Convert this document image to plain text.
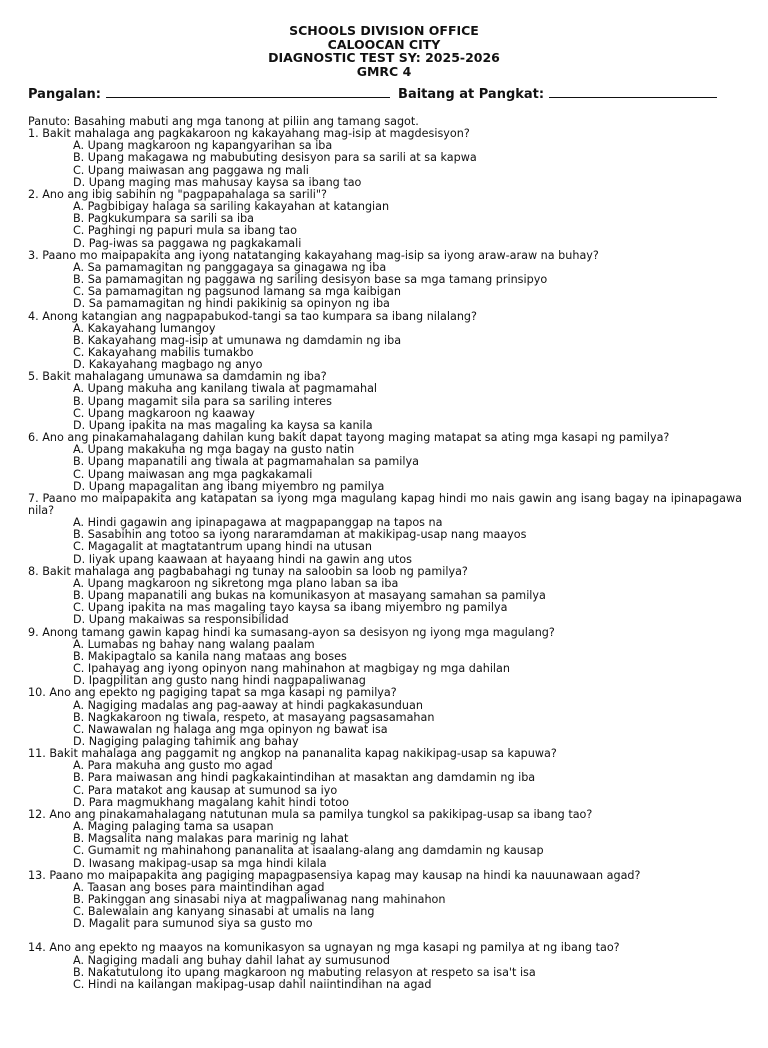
SCHOOLS DIVISION OFFICE
CALOOCAN CITY
DIAGNOSTIC TEST SY: 2025-2026
GMRC 4
Pangalan:	Baitang at Pangkat:
Panuto: Basahing mabuti ang mga tanong at piliin ang tamang sagot.
1. Bakit mahalaga ang pagkakaroon ng kakayahang mag-isip at magdesisyon?
A. Upang magkaroon ng kapangyarihan sa iba
B. Upang makagawa ng mabubuting desisyon para sa sarili at sa kapwa
C. Upang maiwasan ang paggawa ng mali
D. Upang maging mas mahusay kaysa sa ibang tao
2. Ano ang ibig sabihin ng "pagpapahalaga sa sarili"?
A. Pagbibigay halaga sa sariling kakayahan at katangian
B. Pagkukumpara sa sarili sa iba
C. Paghingi ng papuri mula sa ibang tao
D. Pag-iwas sa paggawa ng pagkakamali
3. Paano mo maipapakita ang iyong natatanging kakayahang mag-isip sa iyong araw-araw na buhay?
A. Sa pamamagitan ng panggagaya sa ginagawa ng iba
B. Sa pamamagitan ng paggawa ng sariling desisyon base sa mga tamang prinsipyo
C. Sa pamamagitan ng pagsunod lamang sa mga kaibigan
D. Sa pamamagitan ng hindi pakikinig sa opinyon ng iba
4. Anong katangian ang nagpapabukod-tangi sa tao kumpara sa ibang nilalang?
A. Kakayahang lumangoy
B. Kakayahang mag-isip at umunawa ng damdamin ng iba
C. Kakayahang mabilis tumakbo
D. Kakayahang magbago ng anyo
5. Bakit mahalagang umunawa sa damdamin ng iba?
A. Upang makuha ang kanilang tiwala at pagmamahal
B. Upang magamit sila para sa sariling interes
C. Upang magkaroon ng kaaway
D. Upang ipakita na mas magaling ka kaysa sa kanila
6. Ano ang pinakamahalagang dahilan kung bakit dapat tayong maging matapat sa ating mga kasapi ng pamilya?
A. Upang makakuha ng mga bagay na gusto natin
B. Upang mapanatili ang tiwala at pagmamahalan sa pamilya
C. Upang maiwasan ang mga pagkakamali
D. Upang mapagalitan ang ibang miyembro ng pamilya
7. Paano mo maipapakita ang katapatan sa iyong mga magulang kapag hindi mo nais gawin ang isang bagay na ipinapagawa nila?
A. Hindi gagawin ang ipinapagawa at magpapanggap na tapos na
B. Sasabihin ang totoo sa iyong nararamdaman at makikipag-usap nang maayos
C. Magagalit at magtatantrum upang hindi na utusan
D. Iiyak upang kaawaan at hayaang hindi na gawin ang utos
8. Bakit mahalaga ang pagbabahagi ng tunay na saloobin sa loob ng pamilya?
A. Upang magkaroon ng sikretong mga plano laban sa iba
B. Upang mapanatili ang bukas na komunikasyon at masayang samahan sa pamilya
C. Upang ipakita na mas magaling tayo kaysa sa ibang miyembro ng pamilya
D. Upang makaiwas sa responsibilidad
9. Anong tamang gawin kapag hindi ka sumasang-ayon sa desisyon ng iyong mga magulang?
A. Lumabas ng bahay nang walang paalam
B. Makipagtalo sa kanila nang mataas ang boses
C. Ipahayag ang iyong opinyon nang mahinahon at magbigay ng mga dahilan
D. Ipagpilitan ang gusto nang hindi nagpapaliwanag
10. Ano ang epekto ng pagiging tapat sa mga kasapi ng pamilya?
A. Nagiging madalas ang pag-aaway at hindi pagkakasunduan
B. Nagkakaroon ng tiwala, respeto, at masayang pagsasamahan
C. Nawawalan ng halaga ang mga opinyon ng bawat isa
D. Nagiging palaging tahimik ang bahay
11. Bakit mahalaga ang paggamit ng angkop na pananalita kapag nakikipag-usap sa kapuwa?
A. Para makuha ang gusto mo agad
B. Para maiwasan ang hindi pagkakaintindihan at masaktan ang damdamin ng iba
C. Para matakot ang kausap at sumunod sa iyo
D. Para magmukhang magalang kahit hindi totoo
12. Ano ang pinakamahalagang natutunan mula sa pamilya tungkol sa pakikipag-usap sa ibang tao?
A. Maging palaging tama sa usapan
B. Magsalita nang malakas para marinig ng lahat
C. Gumamit ng mahinahong pananalita at isaalang-alang ang damdamin ng kausap
D. Iwasang makipag-usap sa mga hindi kilala
13. Paano mo maipapakita ang pagiging mapagpasensiya kapag may kausap na hindi ka nauunawaan agad?
A. Taasan ang boses para maintindihan agad
B. Pakinggan ang sinasabi niya at magpaliwanag nang mahinahon
C. Balewalain ang kanyang sinasabi at umalis na lang
D. Magalit para sumunod siya sa gusto mo
14. Ano ang epekto ng maayos na komunikasyon sa ugnayan ng mga kasapi ng pamilya at ng ibang tao?
A. Nagiging madali ang buhay dahil lahat ay sumusunod
B. Nakatutulong ito upang magkaroon ng mabuting relasyon at respeto sa isa't isa
C. Hindi na kailangan makipag-usap dahil naiintindihan na agad
